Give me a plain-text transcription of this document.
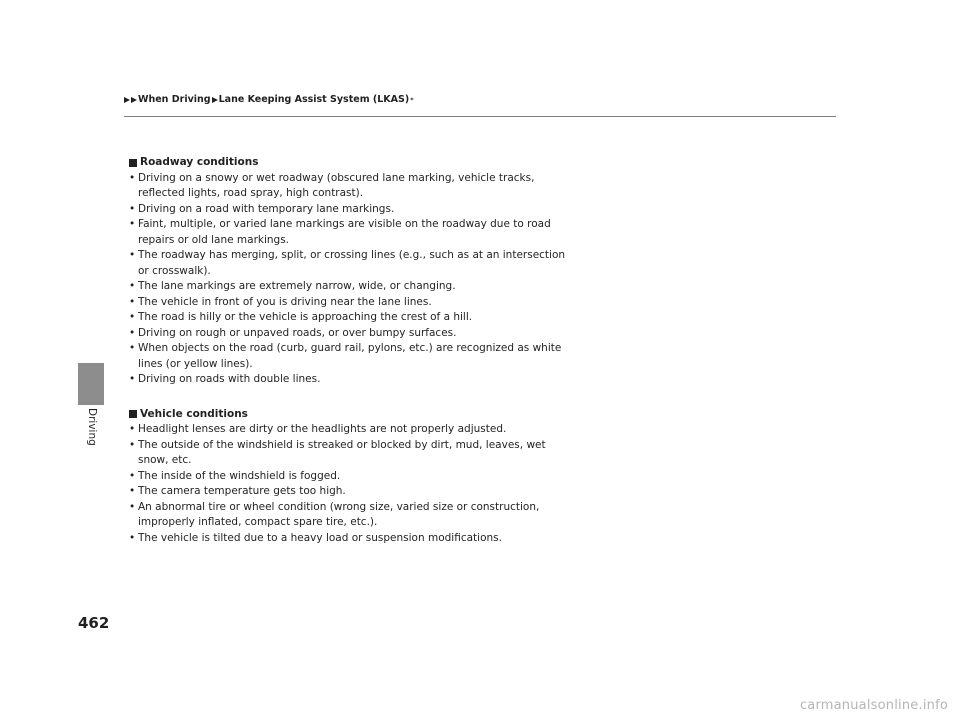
When Driving Lane Keeping Assist System (LKAS) *
Driving
Roadway conditions
• Driving on a snowy or wet roadway (obscured lane marking, vehicle tracks,
reflected lights, road spray, high contrast).
• Driving on a road with temporary lane markings.
• Faint, multiple, or varied lane markings are visible on the roadway due to road
repairs or old lane markings.
• The roadway has merging, split, or crossing lines (e.g., such as at an intersection
or crosswalk).
• The lane markings are extremely narrow, wide, or changing.
• The vehicle in front of you is driving near the lane lines.
• The road is hilly or the vehicle is approaching the crest of a hill.
• Driving on rough or unpaved roads, or over bumpy surfaces.
• When objects on the road (curb, guard rail, pylons, etc.) are recognized as white
lines (or yellow lines).
• Driving on roads with double lines.
Vehicle conditions
• Headlight lenses are dirty or the headlights are not properly adjusted.
• The outside of the windshield is streaked or blocked by dirt, mud, leaves, wet
snow, etc.
• The inside of the windshield is fogged.
• The camera temperature gets too high.
• An abnormal tire or wheel condition (wrong size, varied size or construction,
improperly inflated, compact spare tire, etc.).
• The vehicle is tilted due to a heavy load or suspension modifications.
462
carmanualsonline.info
